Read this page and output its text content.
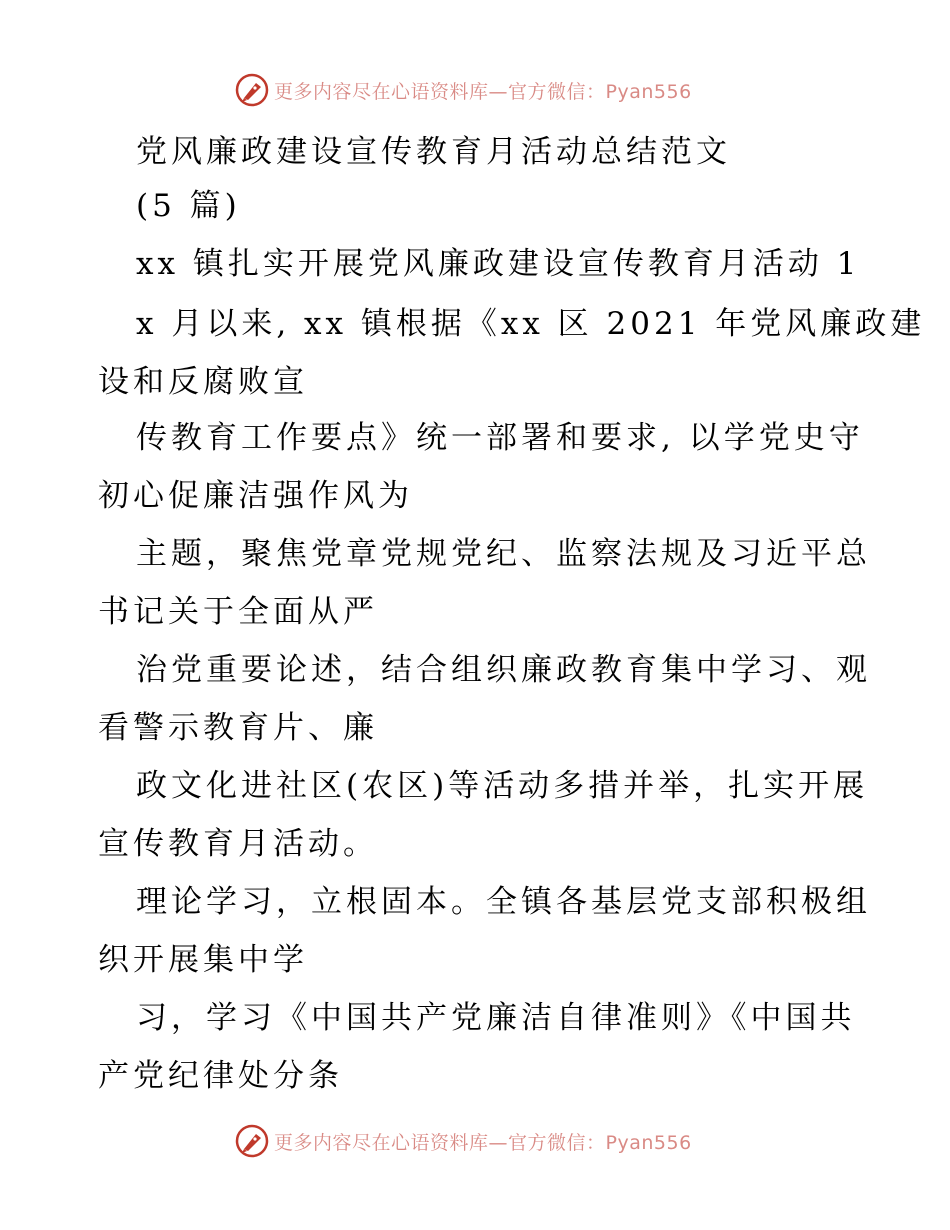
更多内容尽在心语资料库—官方微信：Pyan556
党风廉政建设宣传教育月活动总结范文
(5 篇)
xx 镇扎实开展党风廉政建设宣传教育月活动 1
x 月以来, xx 镇根据《xx 区 2021 年党风廉政建
设和反腐败宣
传教育工作要点》统一部署和要求, 以学党史守
初心促廉洁强作风为
主题，聚焦党章党规党纪、监察法规及习近平总
书记关于全面从严
治党重要论述，结合组织廉政教育集中学习、观
看警示教育片、廉
政文化进社区(农区)等活动多措并举，扎实开展
宣传教育月活动。
理论学习，立根固本。全镇各基层党支部积极组
织开展集中学
习，学习《中国共产党廉洁自律准则》《中国共
产党纪律处分条
更多内容尽在心语资料库—官方微信：Pyan556
